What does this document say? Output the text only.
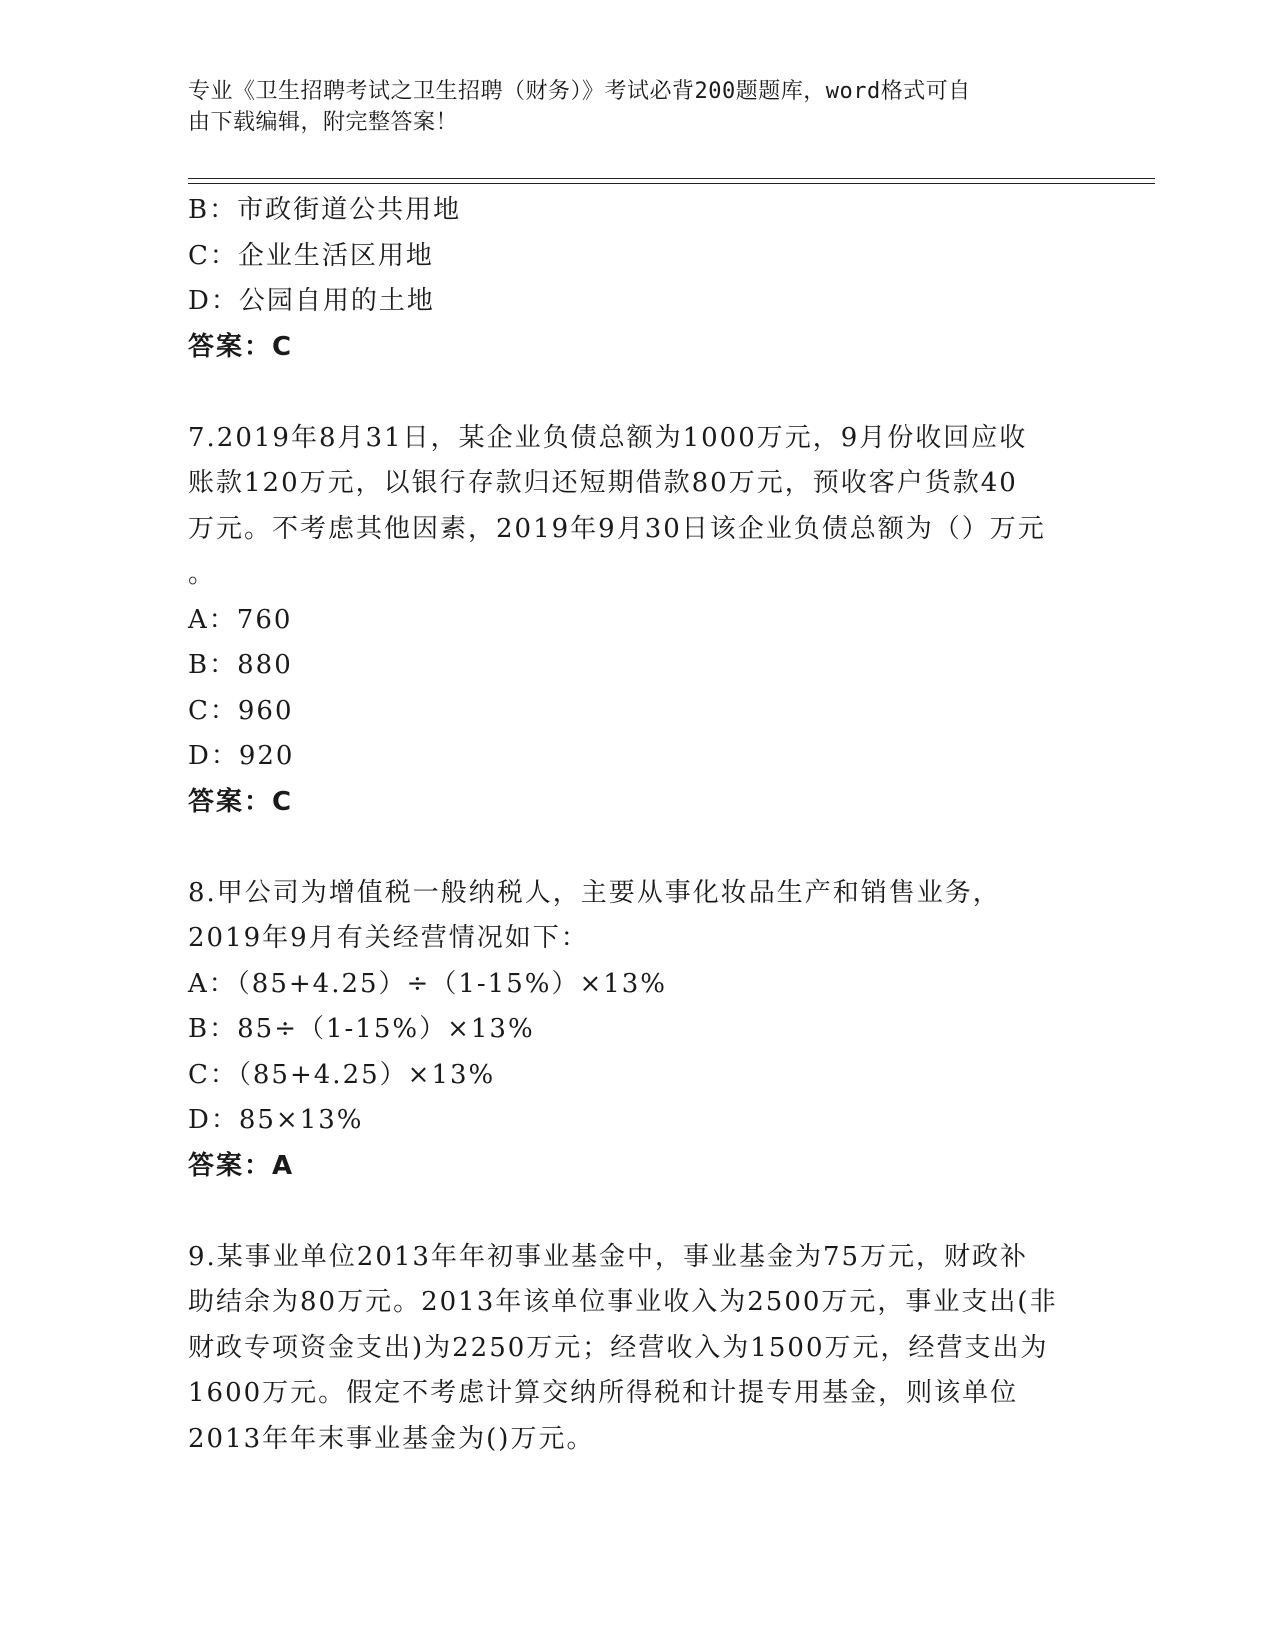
专业《卫生招聘考试之卫生招聘（财务）》考试必背200题题库，word格式可自
由下载编辑，附完整答案！
B：市政街道公共用地
C：企业生活区用地
D：公园自用的土地
答案：C
7.2019年8月31日，某企业负债总额为1000万元，9月份收回应收
账款120万元，以银行存款归还短期借款80万元，预收客户货款40
万元。不考虑其他因素，2019年9月30日该企业负债总额为（）万元
。
A：760
B：880
C：960
D：920
答案：C
8.甲公司为增值税一般纳税人，主要从事化妆品生产和销售业务，
2019年9月有关经营情况如下：
A：（85+4.25）÷（1-15%）×13%
B：85÷（1-15%）×13%
C：（85+4.25）×13%
D：85×13%
答案：A
9.某事业单位2013年年初事业基金中，事业基金为75万元，财政补
助结余为80万元。2013年该单位事业收入为2500万元，事业支出(非
财政专项资金支出)为2250万元；经营收入为1500万元，经营支出为
1600万元。假定不考虑计算交纳所得税和计提专用基金，则该单位
2013年年末事业基金为()万元。
